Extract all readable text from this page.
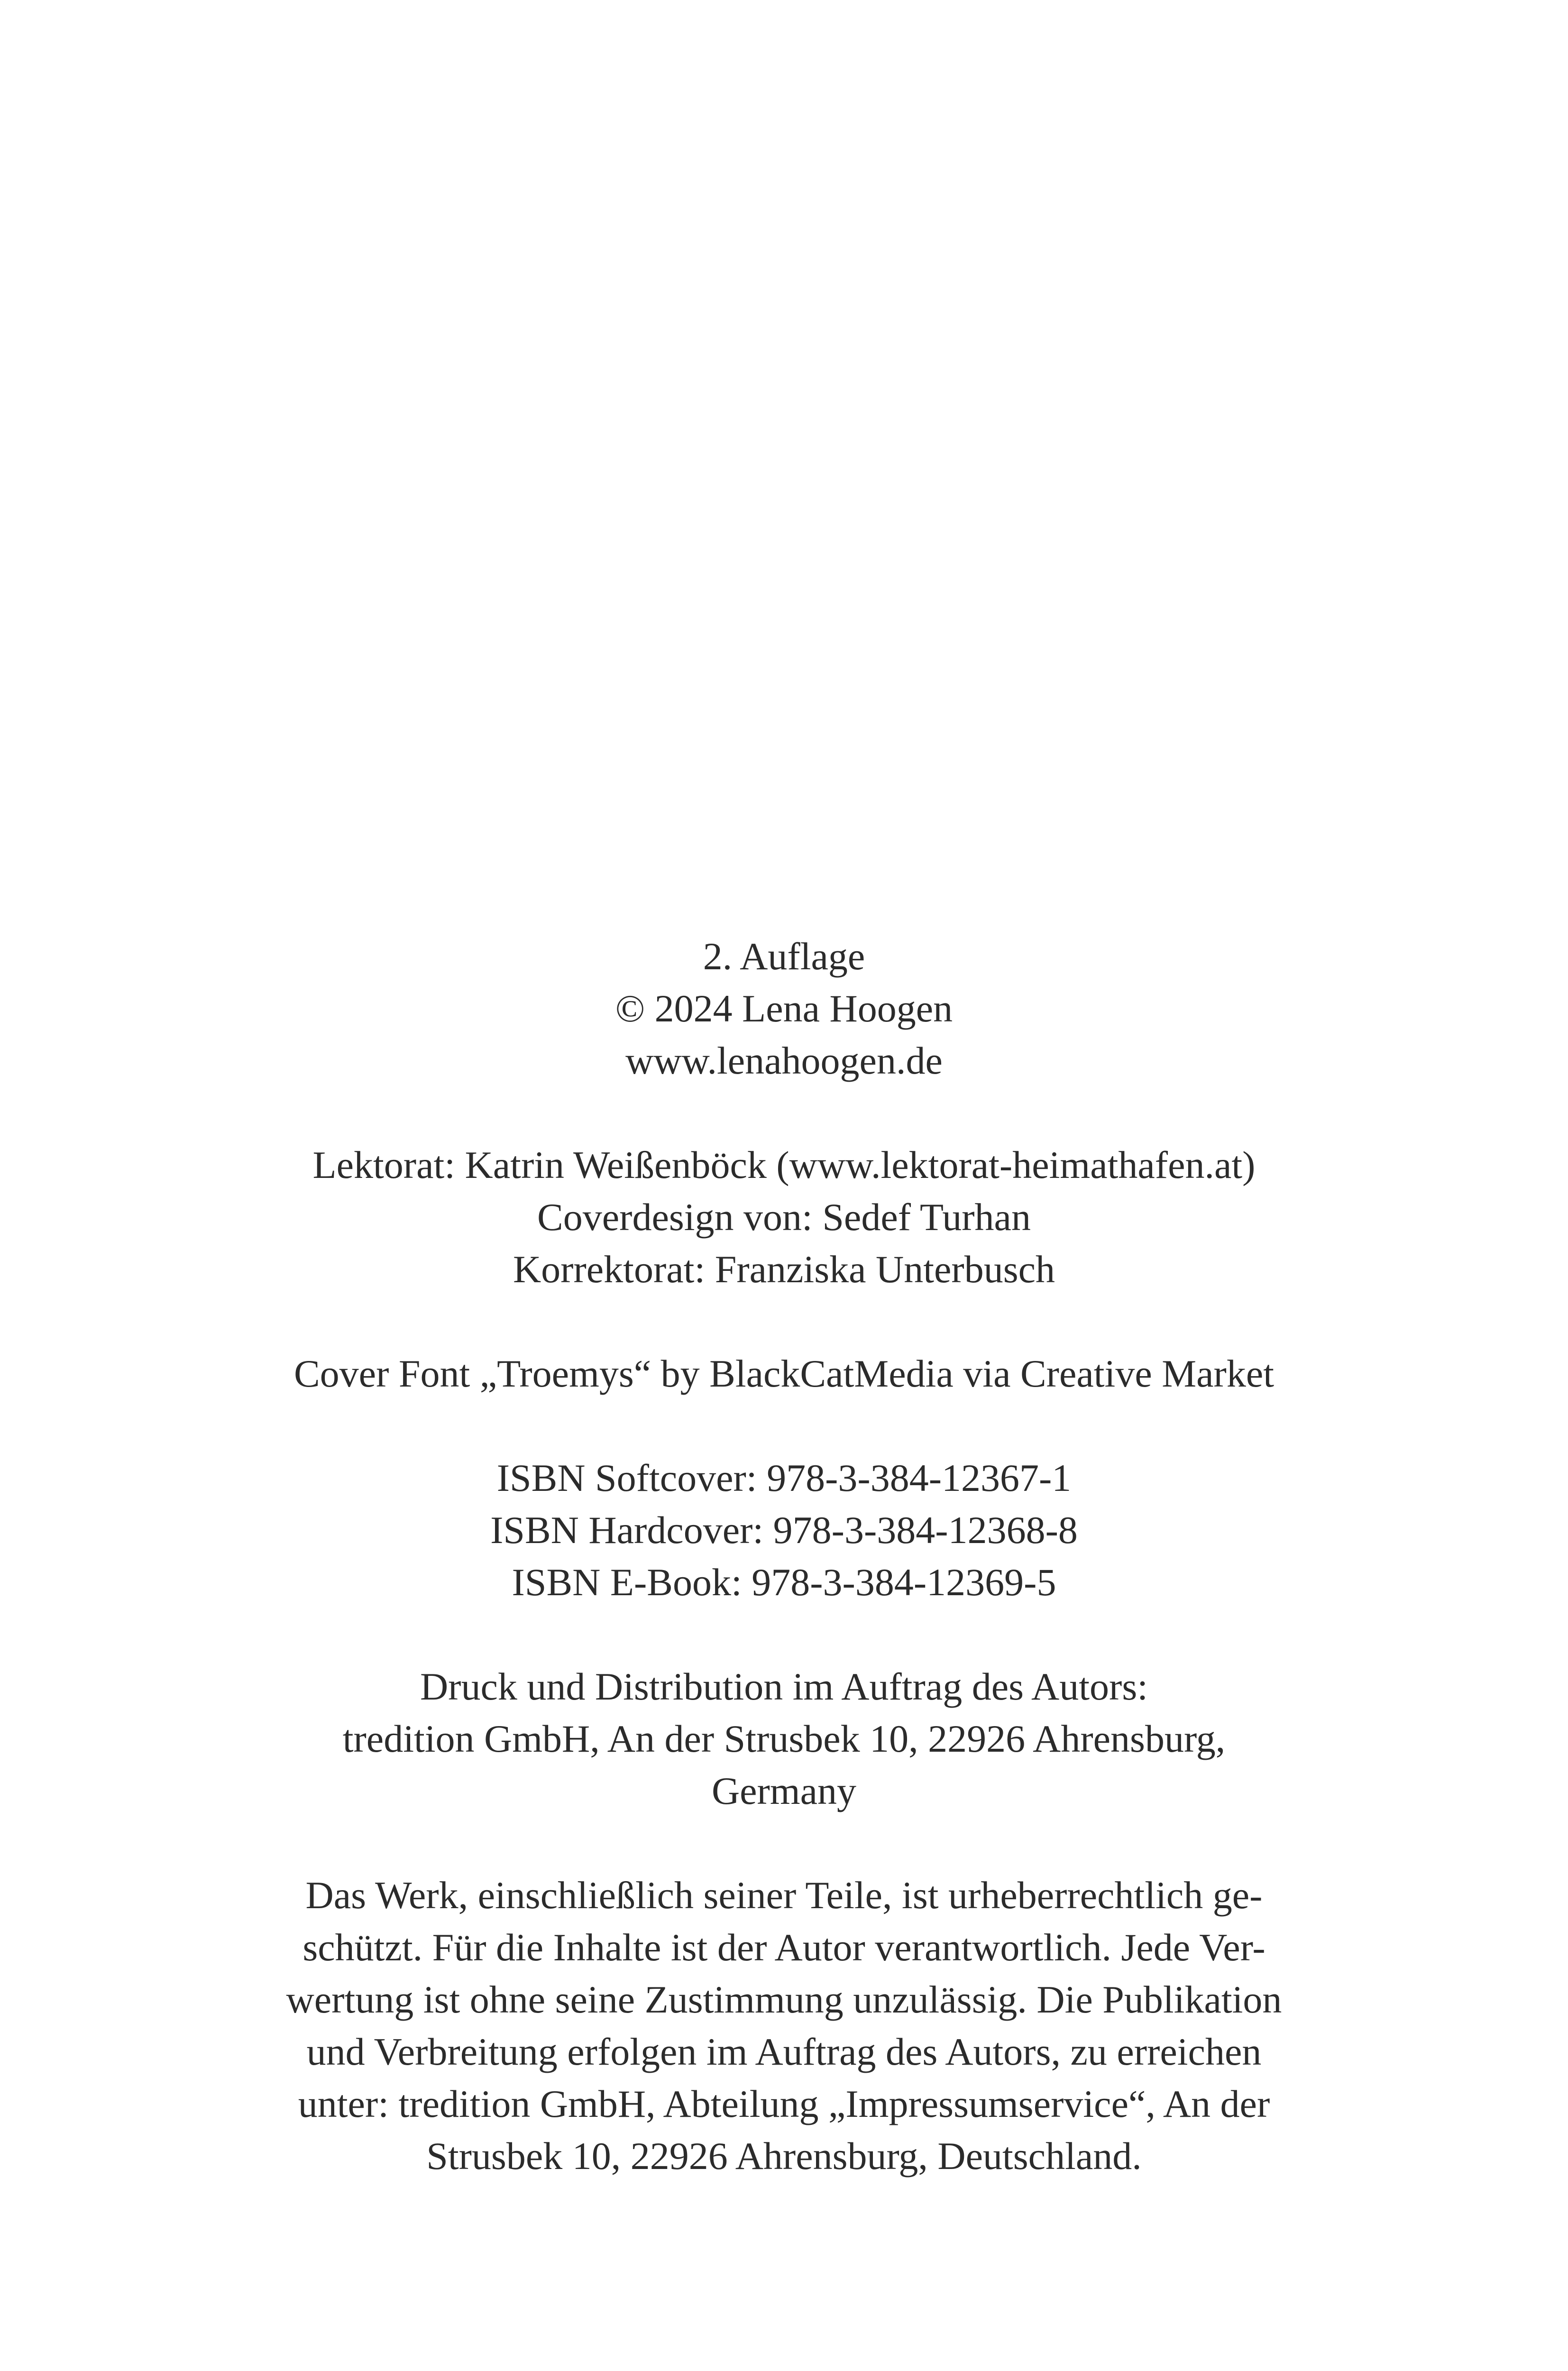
2. Auflage
© 2024 Lena Hoogen
www.lenahoogen.de
Lektorat: Katrin Weißenböck (www.lektorat-heimathafen.at)
Coverdesign von: Sedef Turhan
Korrektorat: Franziska Unterbusch
Cover Font „Troemys“ by BlackCatMedia via Creative Market
ISBN Softcover: 978-3-384-12367-1
ISBN Hardcover: 978-3-384-12368-8
ISBN E-Book: 978-3-384-12369-5
Druck und Distribution im Auftrag des Autors:
tredition GmbH, An der Strusbek 10, 22926 Ahrensburg,
Germany
Das Werk, einschließlich seiner Teile, ist urheberrechtlich ge-
schützt. Für die Inhalte ist der Autor verantwortlich. Jede Ver-
wertung ist ohne seine Zustimmung unzulässig. Die Publikation
und Verbreitung erfolgen im Auftrag des Autors, zu erreichen
unter: tredition GmbH, Abteilung „Impressumservice“, An der
Strusbek 10, 22926 Ahrensburg, Deutschland.
